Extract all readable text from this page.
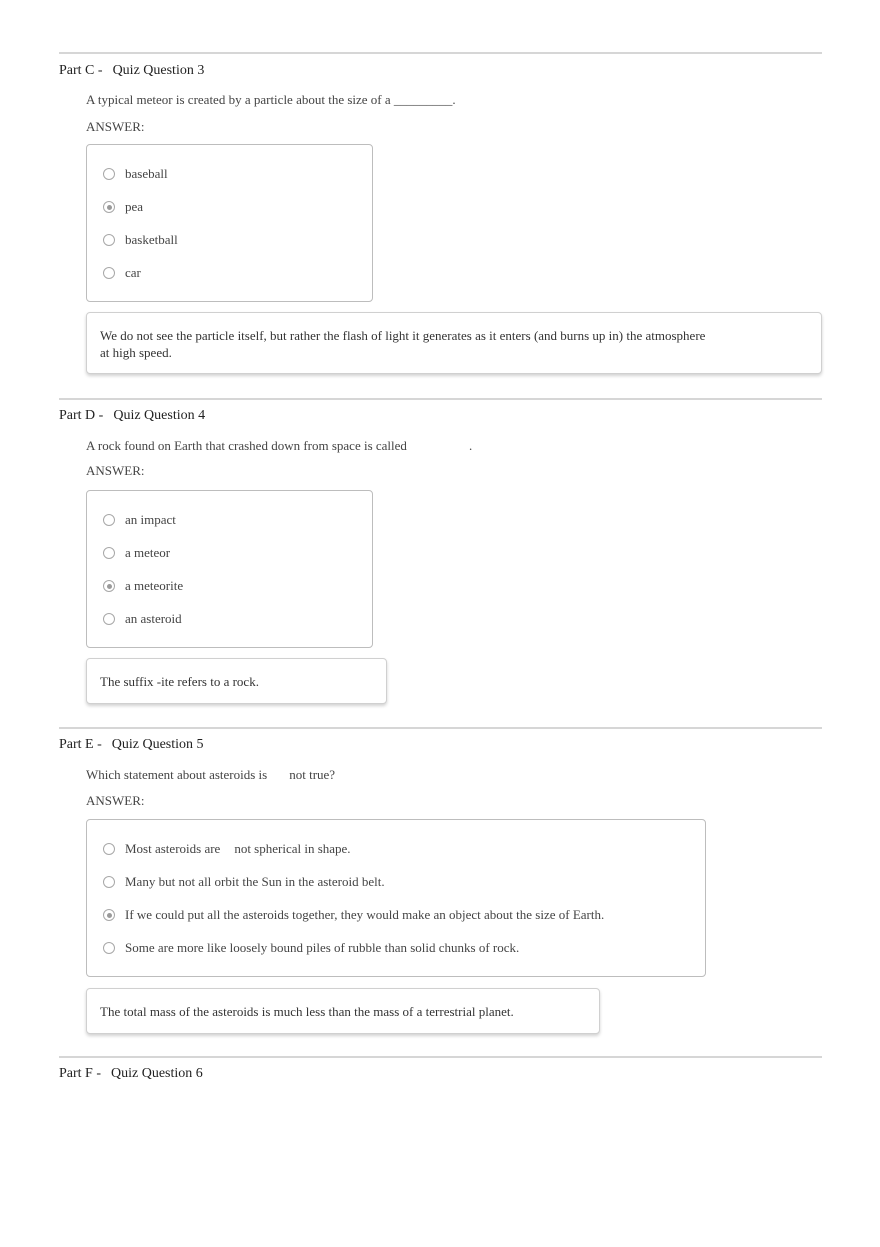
Part C - Quiz Question 3
A typical meteor is created by a particle about the size of a _________.
ANSWER:
baseball
pea
basketball
car
We do not see the particle itself, but rather the flash of light it generates as it enters (and burns up in) the atmosphere
at high speed.
Part D - Quiz Question 4
A rock found on Earth that crashed down from space is called	.
ANSWER:
an impact
a meteor
a meteorite
an asteroid
The suffix -ite refers to a rock.
Part E - Quiz Question 5
Which statement about asteroids is not true?
ANSWER:
Most asteroids are not spherical in shape.
Many but not all orbit the Sun in the asteroid belt.
If we could put all the asteroids together, they would make an object about the size of Earth.
Some are more like loosely bound piles of rubble than solid chunks of rock.
The total mass of the asteroids is much less than the mass of a terrestrial planet.
Part F - Quiz Question 6
